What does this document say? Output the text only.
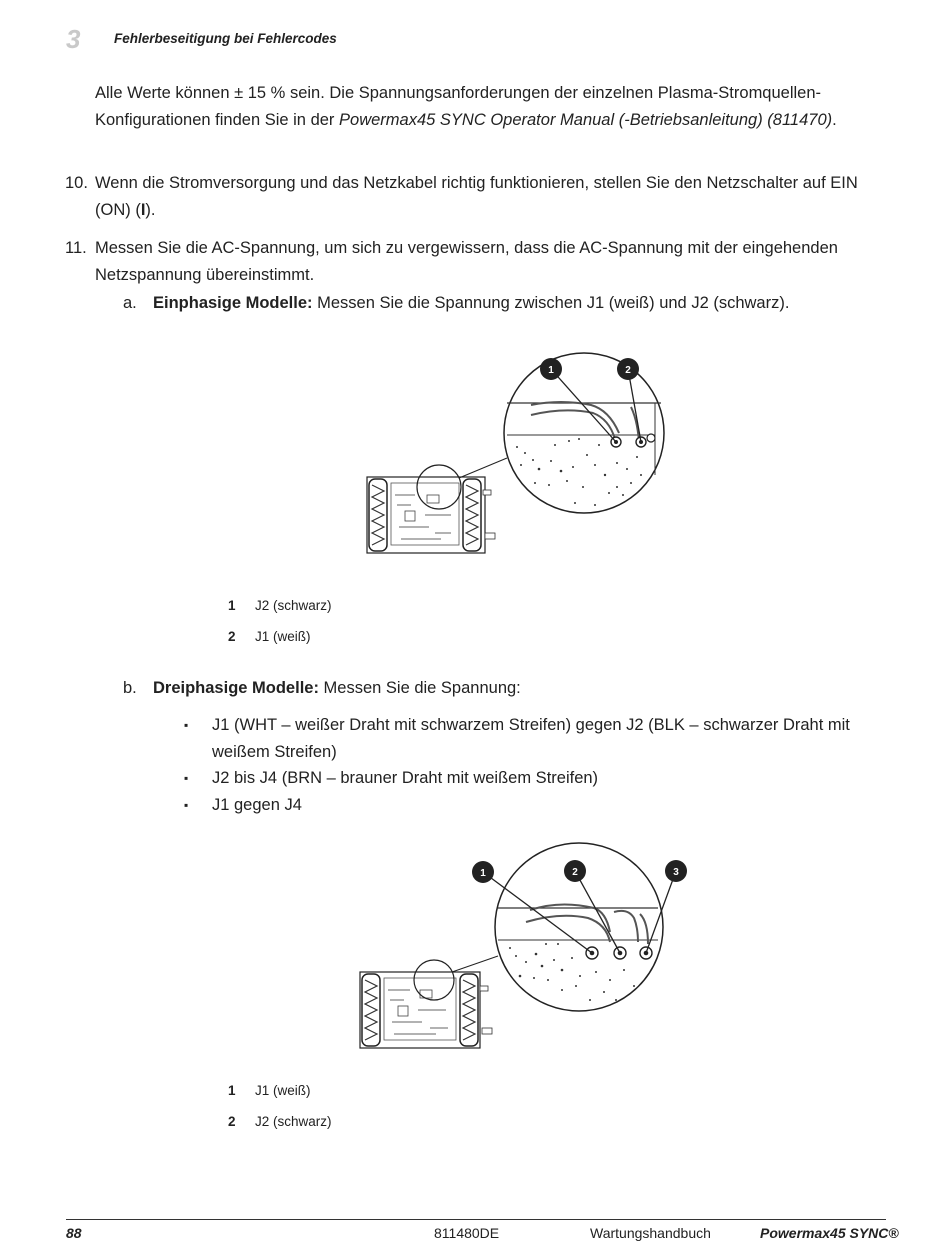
3 Fehlerbeseitigung bei Fehlercodes
Alle Werte können ± 15 % sein. Die Spannungsanforderungen der einzelnen Plasma-Stromquellen-Konfigurationen finden Sie in der Powermax45 SYNC Operator Manual (-Betriebsanleitung) (811470).
10. Wenn die Stromversorgung und das Netzkabel richtig funktionieren, stellen Sie den Netzschalter auf EIN (ON) (I).
11. Messen Sie die AC-Spannung, um sich zu vergewissern, dass die AC-Spannung mit der eingehenden Netzspannung übereinstimmt.
a. Einphasige Modelle: Messen Sie die Spannung zwischen J1 (weiß) und J2 (schwarz).
1	2
1 J2 (schwarz)
2 J1 (weiß)
b. Dreiphasige Modelle: Messen Sie die Spannung:
▪ J1 (WHT – weißer Draht mit schwarzem Streifen) gegen J2 (BLK – schwarzer Draht mit weißem Streifen)
▪ J2 bis J4 (BRN – brauner Draht mit weißem Streifen)
▪ J1 gegen J4
1	2	3
1 J1 (weiß)
2 J2 (schwarz)
88	811480DE	Wartungshandbuch	Powermax45 SYNC®
